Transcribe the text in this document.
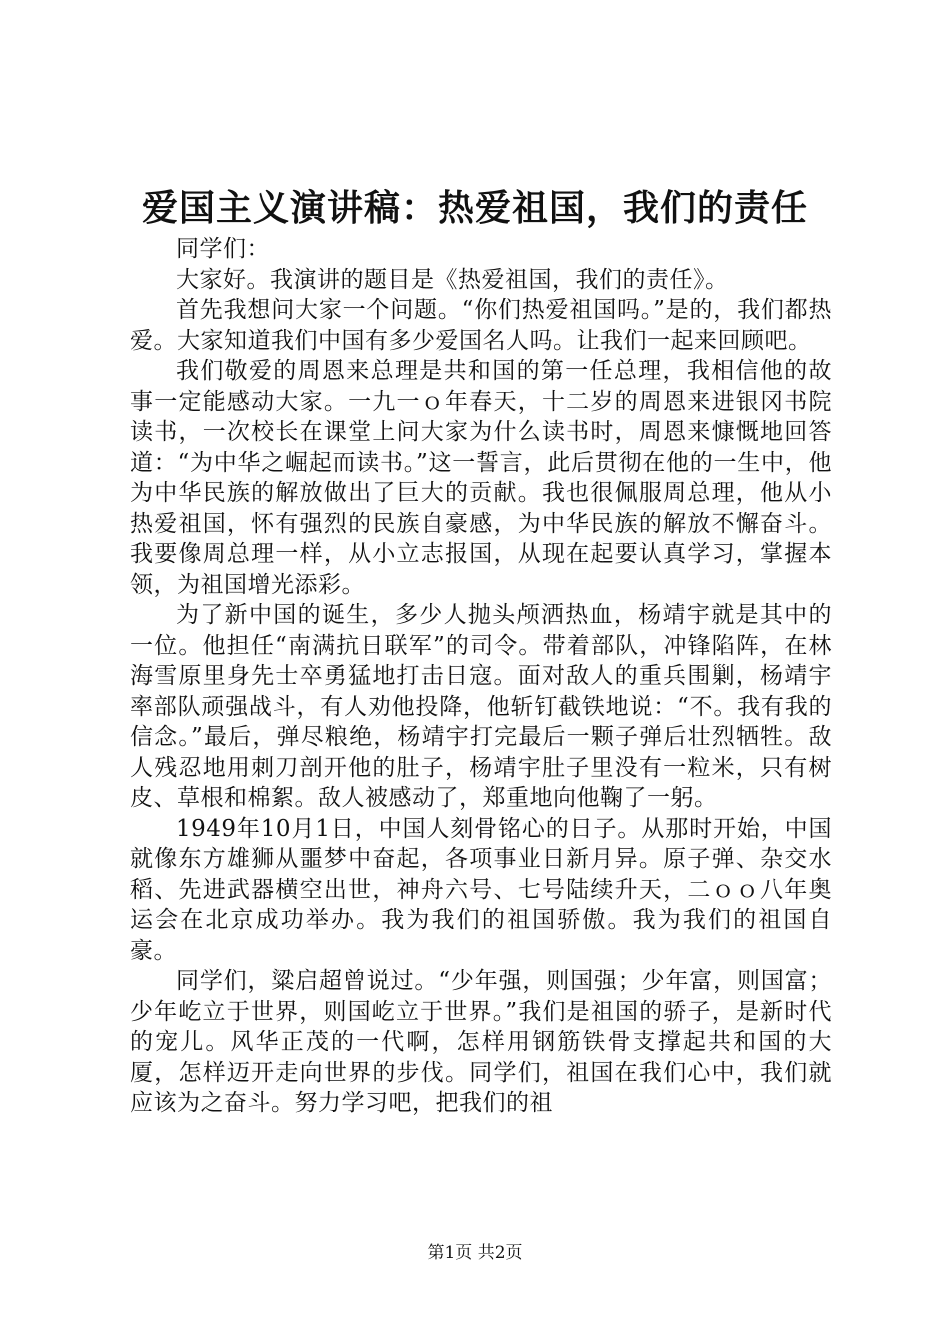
爱国主义演讲稿：热爱祖国，我们的责任

同学们：

大家好。我演讲的题目是《热爱祖国，我们的责任》。

首先我想问大家一个问题。“你们热爱祖国吗。”是的，我们都热爱。大家知道我们中国有多少爱国名人吗。让我们一起来回顾吧。

我们敬爱的周恩来总理是共和国的第一任总理，我相信他的故事一定能感动大家。一九一ｏ年春天，十二岁的周恩来进银冈书院读书，一次校长在课堂上问大家为什么读书时，周恩来慷慨地回答道：“为中华之崛起而读书。”这一誓言，此后贯彻在他的一生中，他为中华民族的解放做出了巨大的贡献。我也很佩服周总理，他从小热爱祖国，怀有强烈的民族自豪感，为中华民族的解放不懈奋斗。我要像周总理一样，从小立志报国，从现在起要认真学习，掌握本领，为祖国增光添彩。

为了新中国的诞生，多少人抛头颅洒热血，杨靖宇就是其中的一位。他担任“南满抗日联军”的司令。带着部队，冲锋陷阵，在林海雪原里身先士卒勇猛地打击日寇。面对敌人的重兵围剿，杨靖宇率部队顽强战斗，有人劝他投降，他斩钉截铁地说：“不。我有我的信念。”最后，弹尽粮绝，杨靖宇打完最后一颗子弹后壮烈牺牲。敌人残忍地用刺刀剖开他的肚子，杨靖宇肚子里没有一粒米，只有树皮、草根和棉絮。敌人被感动了，郑重地向他鞠了一躬。

1949年10月1日，中国人刻骨铭心的日子。从那时开始，中国就像东方雄狮从噩梦中奋起，各项事业日新月异。原子弹、杂交水稻、先进武器横空出世，神舟六号、七号陆续升天，二ｏｏ八年奥运会在北京成功举办。我为我们的祖国骄傲。我为我们的祖国自豪。

同学们，粱启超曾说过。“少年强，则国强；少年富，则国富；少年屹立于世界，则国屹立于世界。”我们是祖国的骄子，是新时代的宠儿。风华正茂的一代啊，怎样用钢筋铁骨支撑起共和国的大厦，怎样迈开走向世界的步伐。同学们，祖国在我们心中，我们就应该为之奋斗。努力学习吧，把我们的祖

第1页 共2页
